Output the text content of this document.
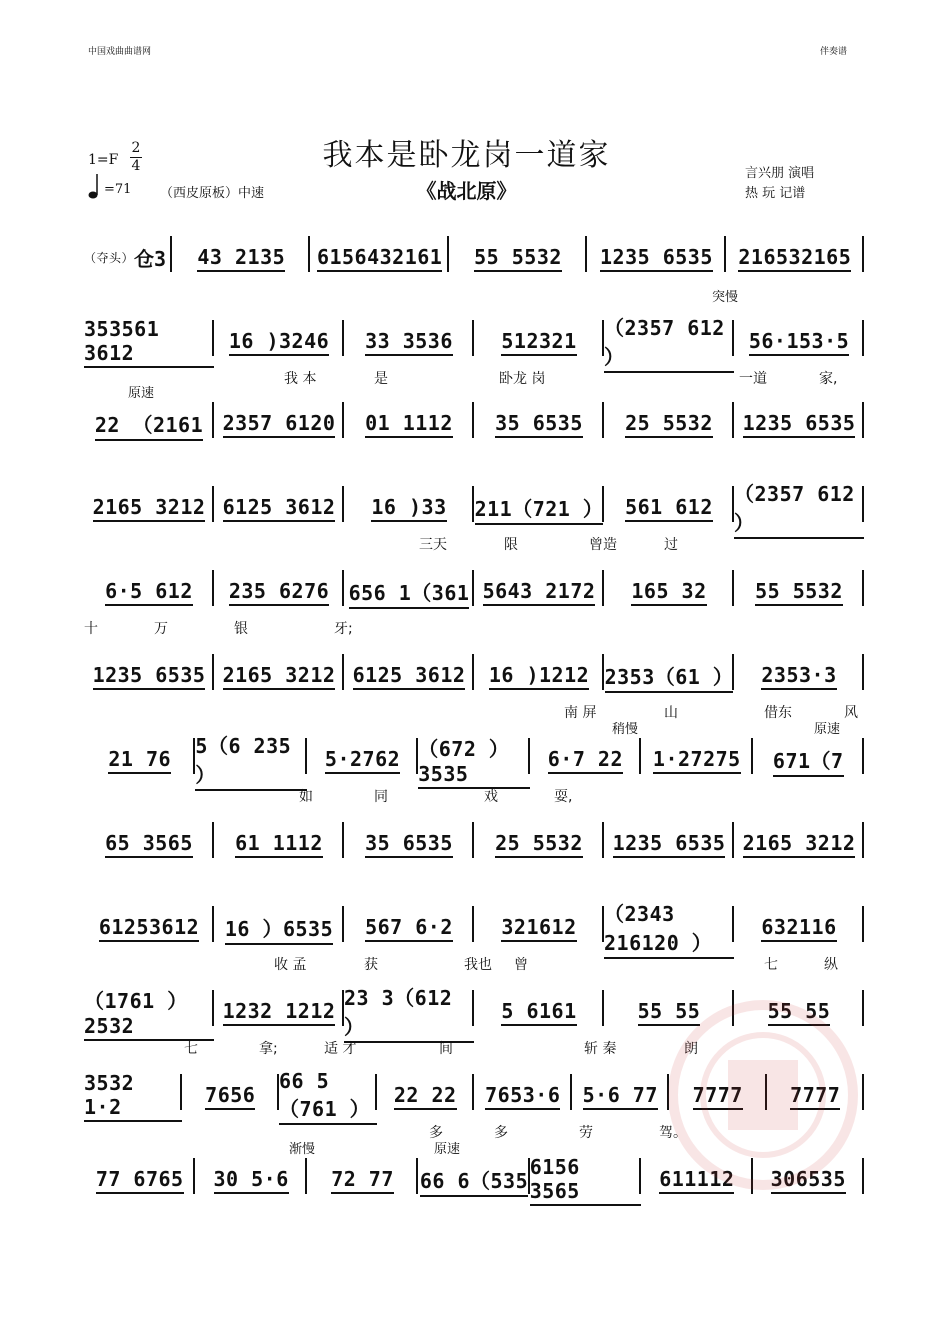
中国戏曲曲谱网	伴奏谱
我本是卧龙岗一道家
《战北原》
1=F
2
4
=71 （西皮原板）中速
言兴朋 演唱
热 玩 记谱
（夺头） 仓3 43 2135 6156432161 55 5532 1235 6535 216532165
353561 3612	16 )3246 33 3536 512321
（2357 612 ）
56·153·5
我 本	是	卧龙 岗	一道	家,
突慢
22 （2161 2357 6120 01 1112 35 6535 25 5532 1235 6535
原速
2165 3212 6125 3612 16 )33 211（721 ） 561 612
（2357 612 ）
三天	限	曾造	过
6·5 612 235 6276 656 1（361 5643 2172 165 32 55 5532
十	万	银	牙;
1235 6535 2165 3212 6125 3612 16 )1212 2353（61 ） 2353·3
南 屏	山	借东	风
21 76
5（6 235 ）
5·2762 （672 ）3535
6·7 22 1·27275 671（7
如	同	戏	耍,
稍慢	原速
65 3565 61 1112 35 6535 25 5532 1235 6535 2165 3212
61253612 16 ）6535 567 6·2 321612
（2343 216120 ）
632116
收 孟	获	我也 曾	七	纵
（1761 ）2532
1232 1212
23 3（612 ）
5 6161	55 55	55 55
七	拿;	适 才	间	斩 秦	朗
3532 1·2	7656
66 5（761 ）
22 22 7653·6 5·6 77 7777 7777
多	多	劳	驾。
77 6765 30 5·6 72 77 66 6（535
6156 3565	611112 306535
渐慢	原速
